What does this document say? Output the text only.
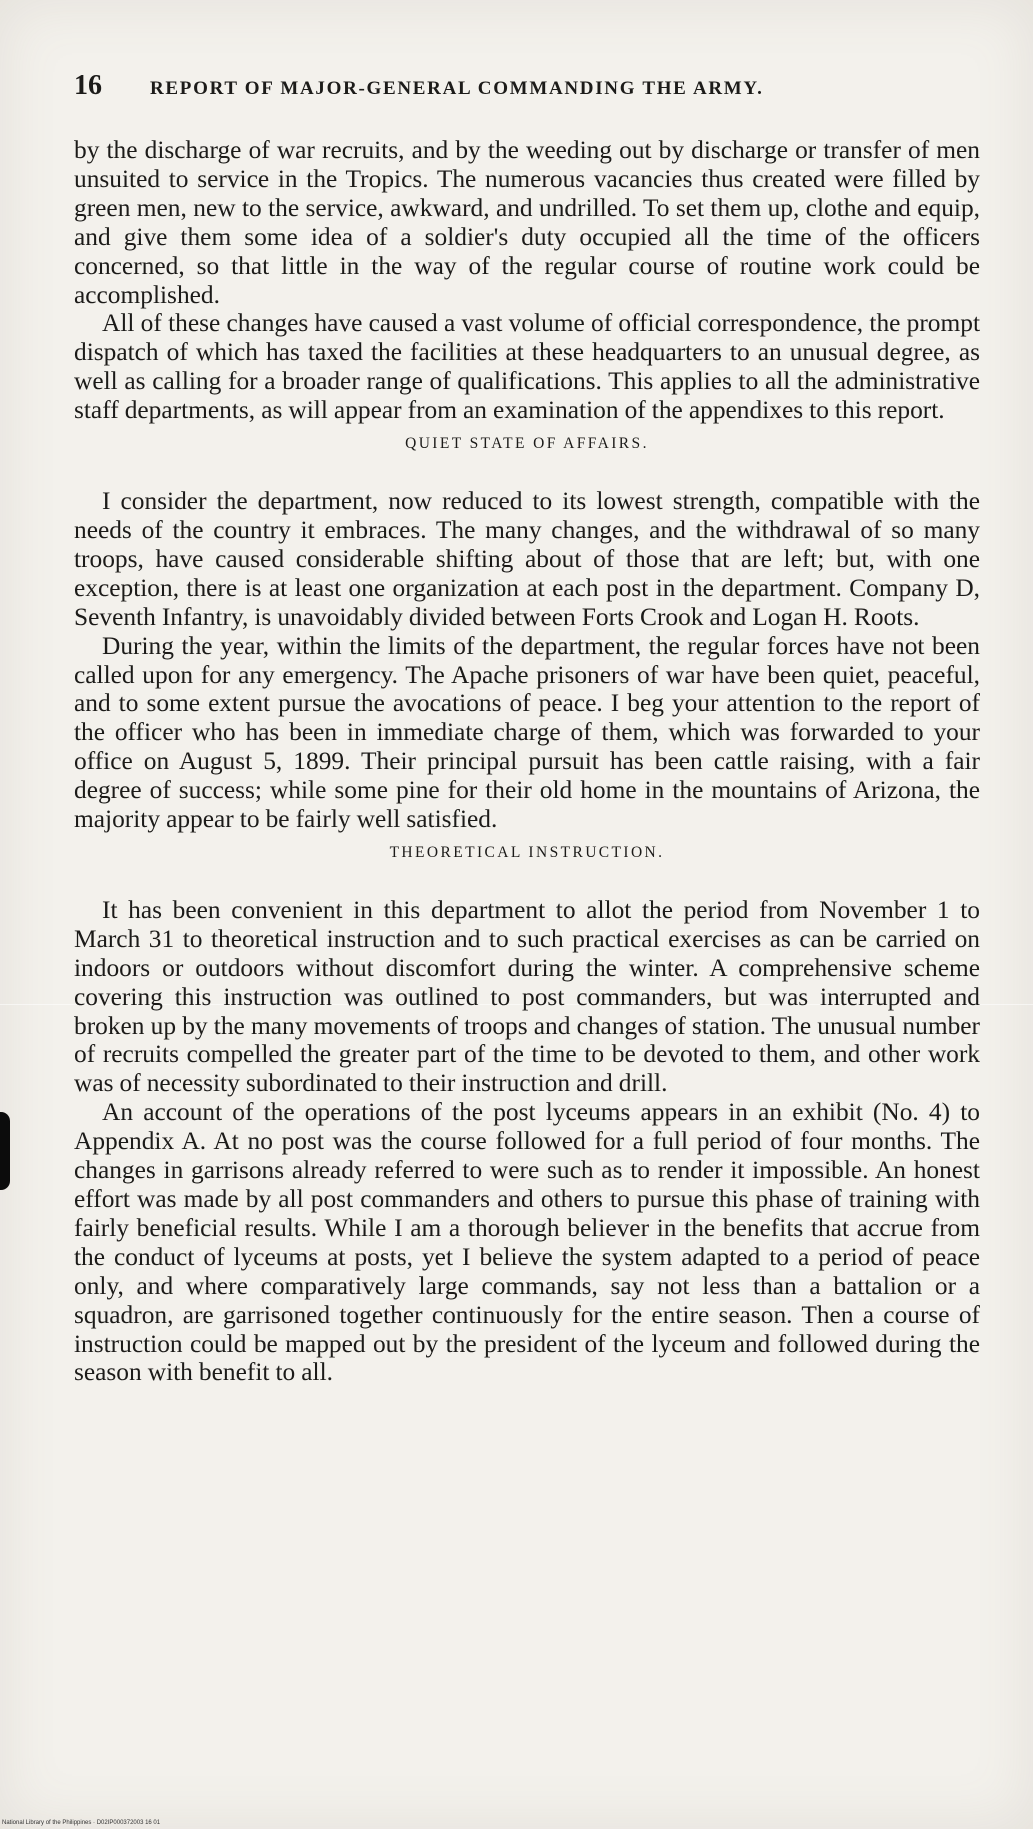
16	REPORT OF MAJOR-GENERAL COMMANDING THE ARMY.

by the discharge of war recruits, and by the weeding out by discharge or transfer of men unsuited to service in the Tropics. The numerous vacancies thus created were filled by green men, new to the service, awkward, and undrilled. To set them up, clothe and equip, and give them some idea of a soldier's duty occupied all the time of the officers concerned, so that little in the way of the regular course of routine work could be accomplished.

All of these changes have caused a vast volume of official correspondence, the prompt dispatch of which has taxed the facilities at these headquarters to an unusual degree, as well as calling for a broader range of qualifications. This applies to all the administrative staff departments, as will appear from an examination of the appendixes to this report.

QUIET STATE OF AFFAIRS.

I consider the department, now reduced to its lowest strength, compatible with the needs of the country it embraces. The many changes, and the withdrawal of so many troops, have caused considerable shifting about of those that are left; but, with one exception, there is at least one organization at each post in the department. Company D, Seventh Infantry, is unavoidably divided between Forts Crook and Logan H. Roots.

During the year, within the limits of the department, the regular forces have not been called upon for any emergency. The Apache prisoners of war have been quiet, peaceful, and to some extent pursue the avocations of peace. I beg your attention to the report of the officer who has been in immediate charge of them, which was forwarded to your office on August 5, 1899. Their principal pursuit has been cattle raising, with a fair degree of success; while some pine for their old home in the mountains of Arizona, the majority appear to be fairly well satisfied.

THEORETICAL INSTRUCTION.

It has been convenient in this department to allot the period from November 1 to March 31 to theoretical instruction and to such practical exercises as can be carried on indoors or outdoors without discomfort during the winter. A comprehensive scheme covering this instruction was outlined to post commanders, but was interrupted and broken up by the many movements of troops and changes of station. The unusual number of recruits compelled the greater part of the time to be devoted to them, and other work was of necessity subordinated to their instruction and drill.

An account of the operations of the post lyceums appears in an exhibit (No. 4) to Appendix A. At no post was the course followed for a full period of four months. The changes in garrisons already referred to were such as to render it impossible. An honest effort was made by all post commanders and others to pursue this phase of training with fairly beneficial results. While I am a thorough believer in the benefits that accrue from the conduct of lyceums at posts, yet I believe the system adapted to a period of peace only, and where comparatively large commands, say not less than a battalion or a squadron, are garrisoned together continuously for the entire season. Then a course of instruction could be mapped out by the president of the lyceum and followed during the season with benefit to all.

National Library of the Philippines · D02IP000372003 16 01
